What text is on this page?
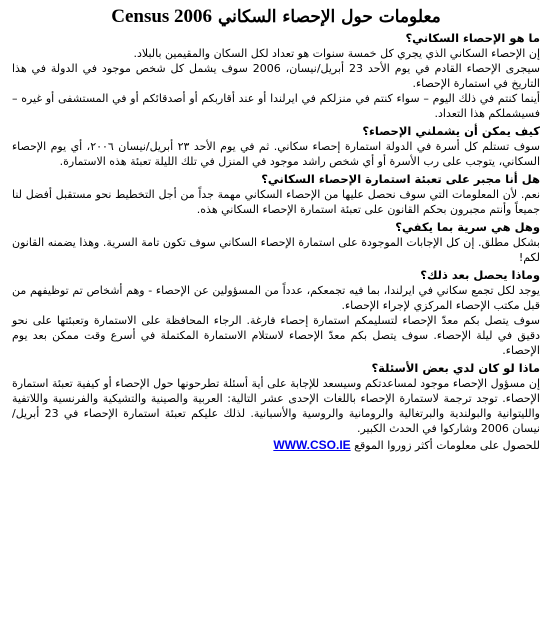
معلومات حول الإحصاء السكاني Census 2006
ما هو الإحصاء السكاني؟

إن الإحصاء السكاني الذي يجري كل خمسة سنوات هو تعداد لكل السكان والمقيمين بالبلاد.

سيجرى الإحصاء القادم في يوم الأحد 23 أبريل/نيسان، 2006 سوف يشمل كل شخص موجود في الدولة في هذا التاريخ في استمارة الإحصاء.

أينما كنتم في ذلك اليوم – سواء كنتم في منزلكم في ايرلندا أو عند أقاربكم أو أصدقائكم أو في المستشفى أو غيره – فسيشملكم هذا التعداد.

كيف يمكن أن يشملني الإحصاء؟

سوف تستلم كل أسرة في الدولة استمارة إحصاء سكاني. ثم في يوم الأحد ٢٣ أبريل/نيسان ٢٠٠٦، أي يوم الإحصاء السكاني، يتوجب على رب الأسرة أو أي شخص راشد موجود في المنزل في تلك الليلة تعبئة هذه الاستمارة.

هل أنا مجبر على تعبئة استمارة الإحصاء السكاني؟

نعم. لأن المعلومات التي سوف نحصل عليها من الإحصاء السكاني مهمة جداً من أجل التخطيط نحو مستقبل أفضل لنا جميعاً وأنتم مجبرون بحكم القانون على تعبئة استمارة الإحصاء السكاني هذه.

وهل هي سرية بما يكفي؟

بشكل مطلق. إن كل الإجابات الموجودة على استمارة الإحصاء السكاني سوف تكون تامة السرية. وهذا يضمنه القانون لكم!

وماذا يحصل بعد ذلك؟

يوجد لكل تجمع سكاني في ايرلندا، بما فيه تجمعكم، عدداً من المسؤولين عن الإحصاء - وهم أشخاص تم توظيفهم من قبل مكتب الإحصاء المركزي لإجراء الإحصاء.

سوف يتصل بكم معدّ الإحصاء لتسليمكم استمارة إحصاء فارغة. الرجاء المحافظة على الاستمارة وتعبئتها على نحو دقيق في ليلة الإحصاء. سوف يتصل بكم معدّ الإحصاء لاستلام الاستمارة المكتملة في أسرع وقت ممكن بعد يوم الإحصاء.

ماذا لو كان لدي بعض الأسئلة؟

إن مسؤول الإحصاء موجود لمساعدتكم وسيسعد للإجابة على أية أسئلة تطرحونها حول الإحصاء أو كيفية تعبئة استمارة الإحصاء. توجد ترجمة لاستمارة الإحصاء باللغات الإحدى عشر التالية: العربية والصينية والتشيكية والفرنسية واللاتفية والليتوانية والبولندية والبرتغالية والرومانية والروسية والأسبانية. لذلك عليكم تعبئة استمارة الإحصاء في 23 أبريل/نيسان 2006 وشاركوا في الحدث الكبير.

للحصول على معلومات أكثر زوروا الموقع WWW.CSO.IE
